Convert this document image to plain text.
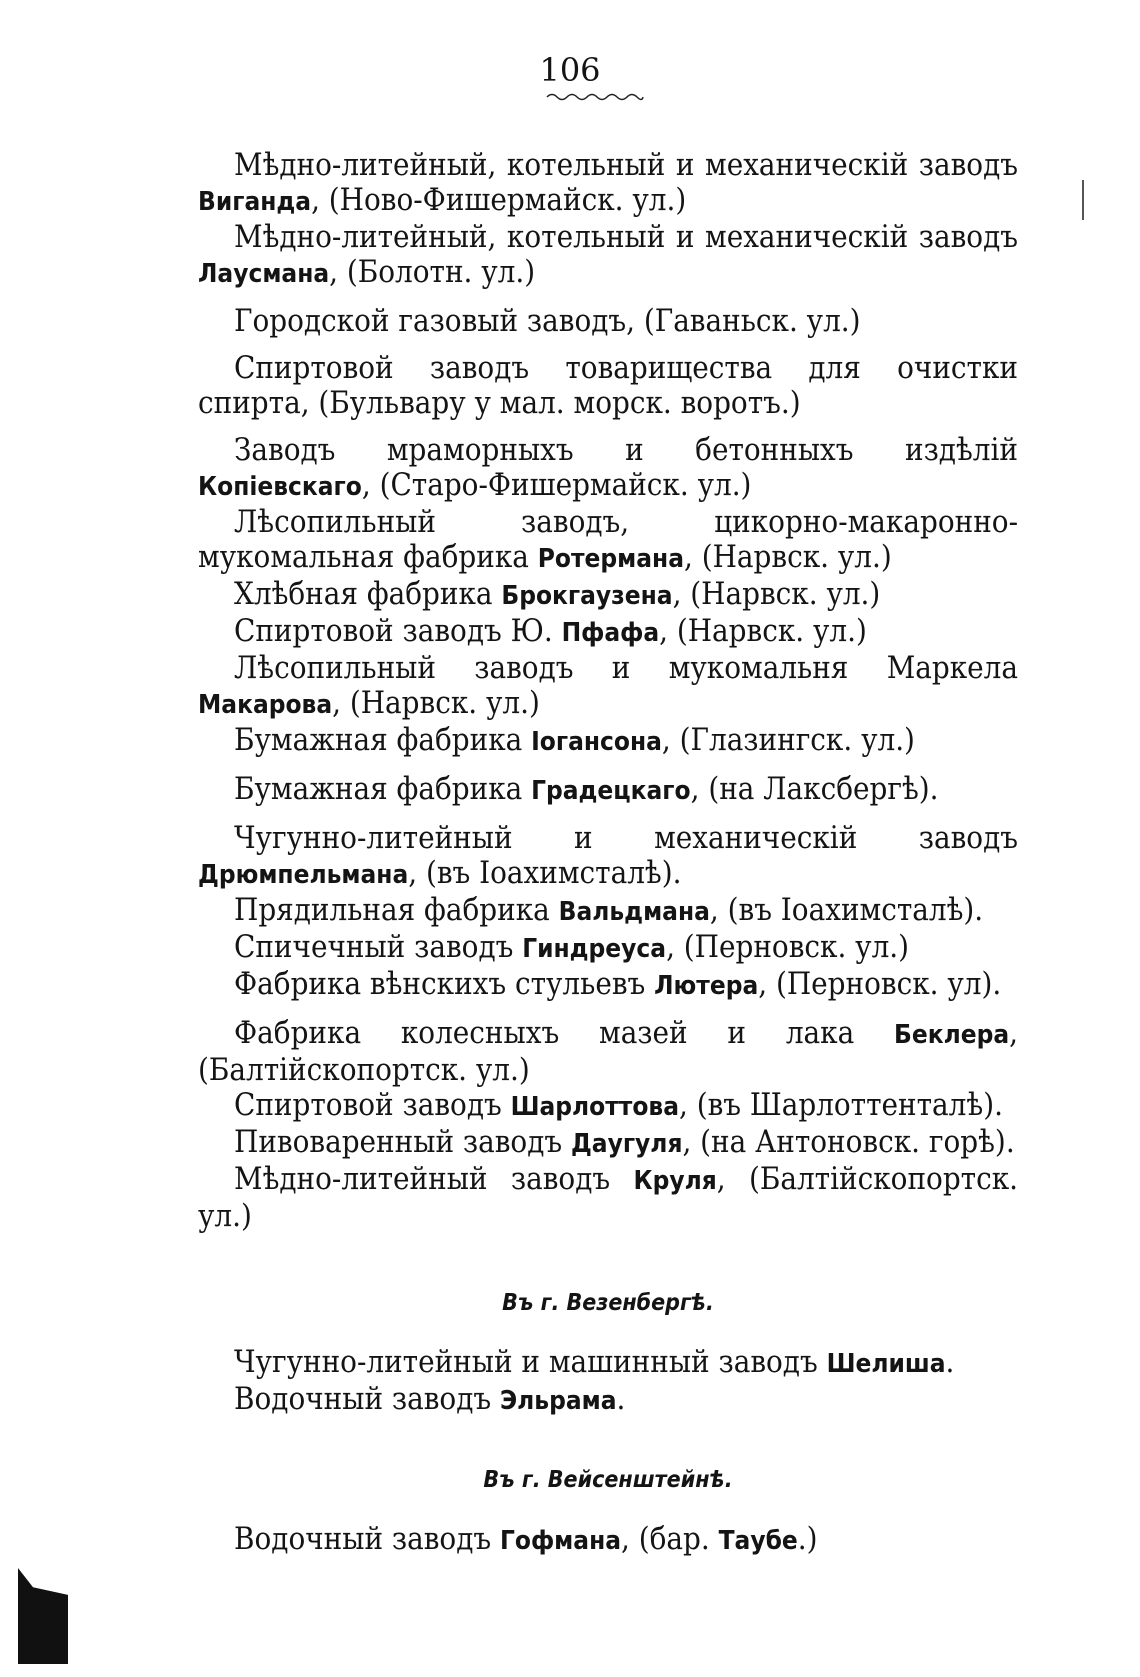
106
Мѣдно-литейный, котельный и механическій заводъ Виганда, (Ново-Фишермайск. ул.)
Мѣдно-литейный, котельный и механическій заводъ Лаусмана, (Болотн. ул.)
Городской газовый заводъ, (Гаваньск. ул.)
Спиртовой заводъ товарищества для очистки спирта, (Бульвару у мал. морск. воротъ.)
Заводъ мраморныхъ и бетонныхъ издѣлій Копіевскаго, (Старо-Фишермайск. ул.)
Лѣсопильный заводъ, цикорно-макаронно-мукомальная фабрика Ротермана, (Нарвск. ул.)
Хлѣбная фабрика Брокгаузена, (Нарвск. ул.)
Спиртовой заводъ Ю. Пфафа, (Нарвск. ул.)
Лѣсопильный заводъ и мукомальня Маркела Макарова, (Нарвск. ул.)
Бумажная фабрика Іогансона, (Глазингск. ул.)
Бумажная фабрика Градецкаго, (на Лаксбергѣ).
Чугунно-литейный и механическій заводъ Дрюмпельмана, (въ Іоахимсталѣ).
Прядильная фабрика Вальдмана, (въ Іоахимсталѣ).
Спичечный заводъ Гиндреуса, (Перновск. ул.)
Фабрика вѣнскихъ стульевъ Лютера, (Перновск. ул).
Фабрика колесныхъ мазей и лака Беклера, (Балтійскопортск. ул.)
Спиртовой заводъ Шарлоттова, (въ Шарлоттенталѣ).
Пивоваренный заводъ Даугуля, (на Антоновск. горѣ).
Мѣдно-литейный заводъ Круля, (Балтійскопортск. ул.)
Въ г. Везенбергѣ.
Чугунно-литейный и машинный заводъ Шелиша.
Водочный заводъ Эльрама.
Въ г. Вейсенштейнѣ.
Водочный заводъ Гофмана, (бар. Таубе.)
